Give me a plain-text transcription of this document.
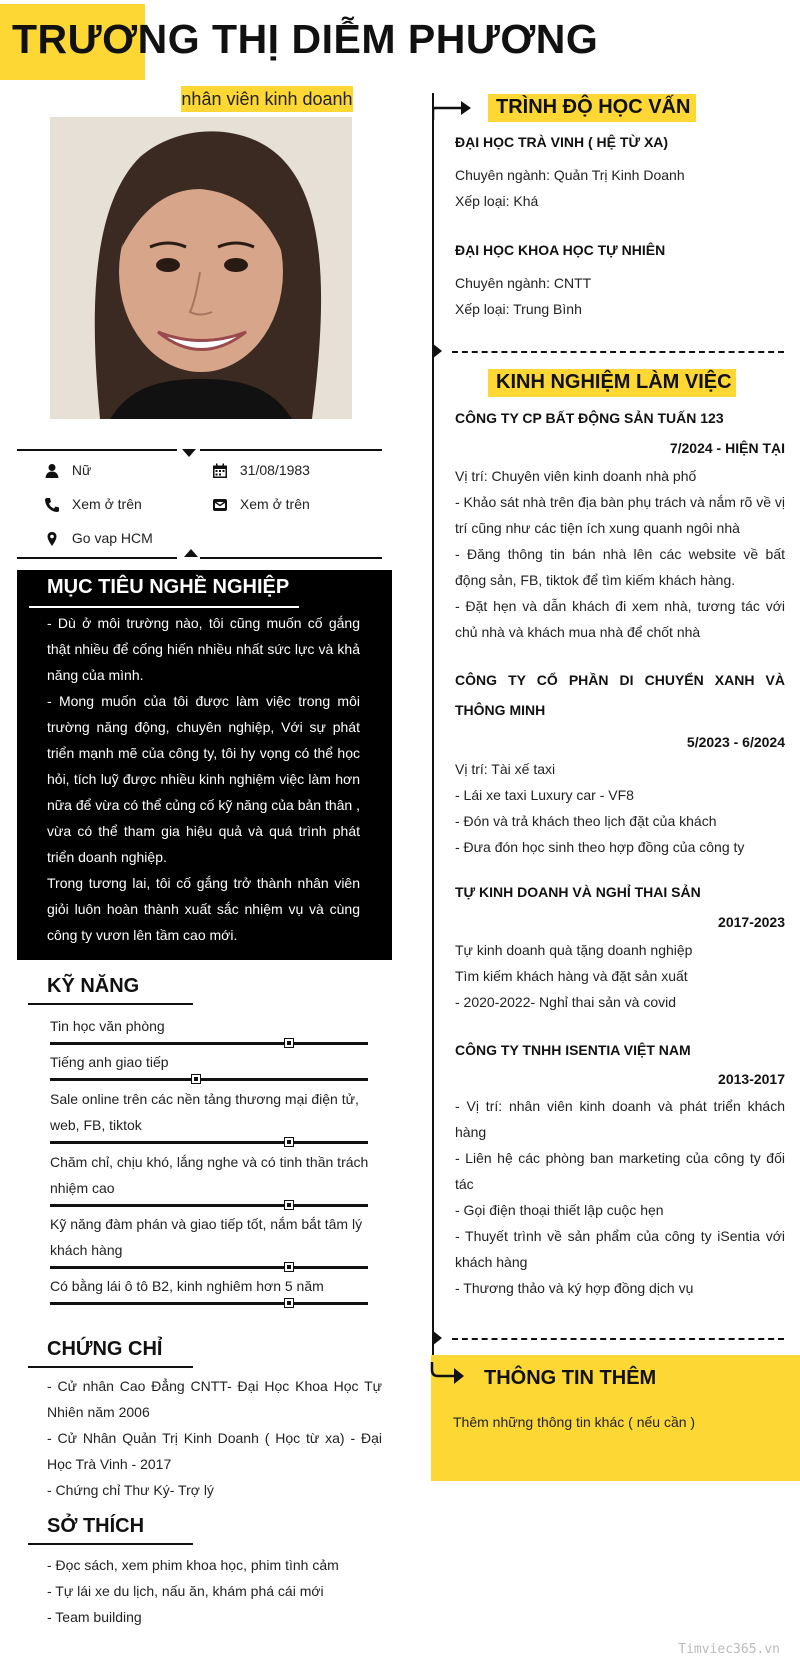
TRƯƠNG THỊ DIỄM PHƯƠNG
nhân viên kinh doanh
Nữ	31/08/1983
Xem ở trên	Xem ở trên
Go vap HCM
MỤC TIÊU NGHỀ NGHIỆP

- Dù ở môi trường nào, tôi cũng muốn cố gắng thật nhiều để cống hiến nhiều nhất sức lực và khả năng của mình.

- Mong muốn của tôi được làm việc trong môi trường năng động, chuyên nghiệp, Với sự phát triển mạnh mẽ của công ty, tôi hy vọng có thể học hỏi, tích luỹ được nhiều kinh nghiệm việc làm hơn nữa để vừa có thể củng cố kỹ năng của bản thân , vừa có thể tham gia hiệu quả và quá trình phát triển doanh nghiệp.

Trong tương lai, tôi cố gắng trở thành nhân viên giỏi luôn hoàn thành xuất sắc nhiệm vụ và cùng công ty vươn lên tầm cao mới.

KỸ NĂNG
Tin học văn phòng
Tiếng anh giao tiếp
Sale online trên các nền tảng thương mại điện tử, web, FB, tiktok
Chăm chỉ, chịu khó, lắng nghe và có tinh thần trách nhiệm cao
Kỹ năng đàm phán và giao tiếp tốt, nắm bắt tâm lý khách hàng
Có bằng lái ô tô B2, kinh nghiêm hơn 5 năm
CHỨNG CHỈ

- Cử nhân Cao Đẳng CNTT- Đại Học Khoa Học Tự Nhiên năm 2006

- Cử Nhân Quản Trị Kinh Doanh ( Học từ xa) - Đại Học Trà Vinh - 2017

- Chứng chỉ Thư Ký- Trợ lý

SỞ THÍCH

- Đọc sách, xem phim khoa học, phim tình cảm

- Tự lái xe du lịch, nấu ăn, khám phá cái mới

- Team building

TRÌNH ĐỘ HỌC VẤN
ĐẠI HỌC TRÀ VINH ( HỆ TỪ XA)

Chuyên ngành: Quản Trị Kinh Doanh

Xếp loại: Khá

ĐẠI HỌC KHOA HỌC TỰ NHIÊN

Chuyên ngành: CNTT

Xếp loại: Trung Bình

KINH NGHIỆM LÀM VIỆC
CÔNG TY CP BẤT ĐỘNG SẢN TUẤN 123
7/2024 - HIỆN TẠI

Vị trí: Chuyên viên kinh doanh nhà phố

- Khảo sát nhà trên địa bàn phụ trách và nắm rõ về vị trí cũng như các tiện ích xung quanh ngôi nhà

- Đăng thông tin bán nhà lên các website về bất động sản, FB, tiktok để tìm kiếm khách hàng.

- Đặt hẹn và dẫn khách đi xem nhà, tương tác với chủ nhà và khách mua nhà để chốt nhà

CÔNG TY CỔ PHẦN DI CHUYỂN XANH VÀ THÔNG MINH
5/2023 - 6/2024

Vị trí: Tài xế taxi

- Lái xe taxi Luxury car - VF8

- Đón và trả khách theo lịch đặt của khách

- Đưa đón học sinh theo hợp đồng của công ty

TỰ KINH DOANH VÀ NGHỈ THAI SẢN
2017-2023

Tự kinh doanh quà tặng doanh nghiệp

Tìm kiếm khách hàng và đặt sản xuất

- 2020-2022- Nghỉ thai sản và covid

CÔNG TY TNHH ISENTIA VIỆT NAM
2013-2017

- Vị trí: nhân viên kinh doanh và phát triển khách hàng

- Liên hệ các phòng ban marketing của công ty đối tác

- Gọi điện thoại thiết lập cuộc hẹn

- Thuyết trình về sản phẩm của công ty iSentia với khách hàng

- Thương thảo và ký hợp đồng dịch vụ

THÔNG TIN THÊM
Thêm những thông tin khác ( nếu cần )
Timviec365.vn
